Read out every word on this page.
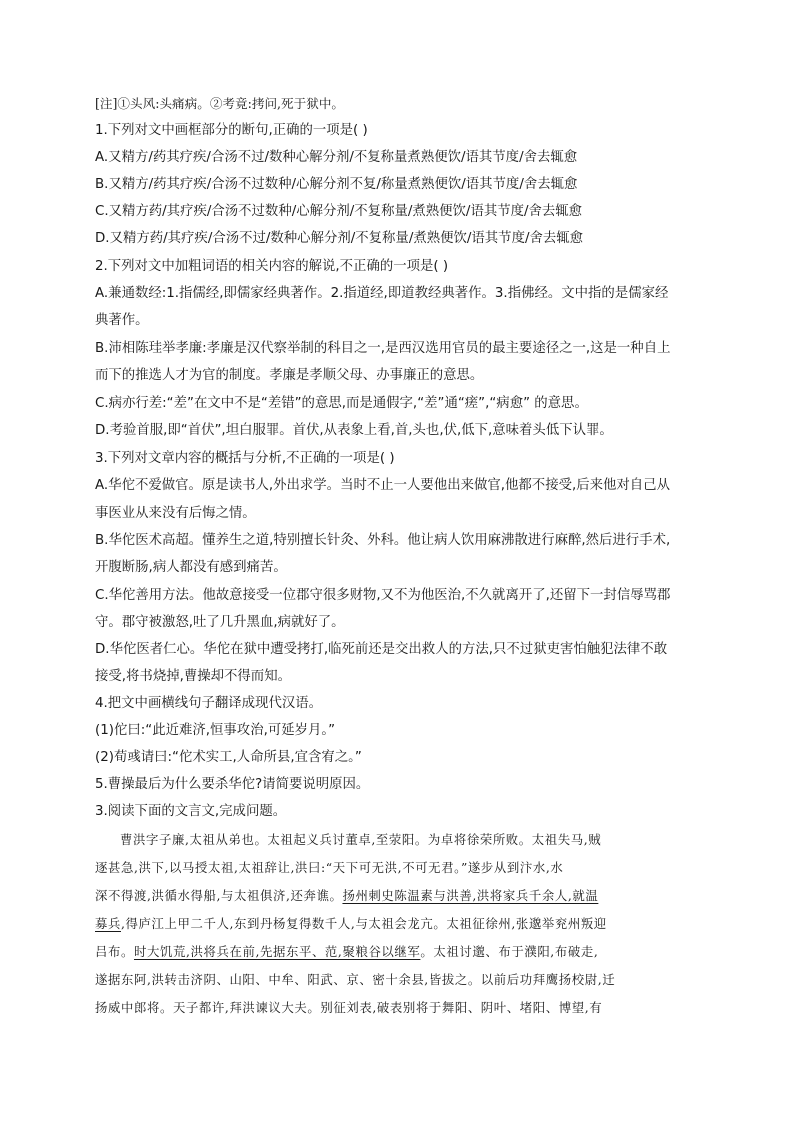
[注]①头风:头痛病。②考竟:拷问,死于狱中。
1.下列对文中画框部分的断句,正确的一项是( )
A.又精方/药其疗疾/合汤不过/数种心解分剂/不复称量煮熟便饮/语其节度/舍去辄愈
B.又精方/药其疗疾/合汤不过数种/心解分剂不复/称量煮熟便饮/语其节度/舍去辄愈
C.又精方药/其疗疾/合汤不过数种/心解分剂/不复称量/煮熟便饮/语其节度/舍去辄愈
D.又精方药/其疗疾/合汤不过/数种心解分剂/不复称量/煮熟便饮/语其节度/舍去辄愈
2.下列对文中加粗词语的相关内容的解说,不正确的一项是( )
A.兼通数经:1.指儒经,即儒家经典著作。2.指道经,即道教经典著作。3.指佛经。文中指的是儒家经
典著作。
B.沛相陈珪举孝廉:孝廉是汉代察举制的科目之一,是西汉选用官员的最主要途径之一,这是一种自上
而下的推选人才为官的制度。孝廉是孝顺父母、办事廉正的意思。
C.病亦行差:“差”在文中不是“差错”的意思,而是通假字,“差”通“瘥”,“病愈” 的意思。
D.考验首服,即“首伏”,坦白服罪。首伏,从表象上看,首,头也,伏,低下,意味着头低下认罪。
3.下列对文章内容的概括与分析,不正确的一项是( )
A.华佗不爱做官。原是读书人,外出求学。当时不止一人要他出来做官,他都不接受,后来他对自己从
事医业从来没有后悔之情。
B.华佗医术高超。懂养生之道,特别擅长针灸、外科。他让病人饮用麻沸散进行麻醉,然后进行手术,
开腹断肠,病人都没有感到痛苦。
C.华佗善用方法。他故意接受一位郡守很多财物,又不为他医治,不久就离开了,还留下一封信辱骂郡
守。郡守被激怒,吐了几升黑血,病就好了。
D.华佗医者仁心。华佗在狱中遭受拷打,临死前还是交出救人的方法,只不过狱吏害怕触犯法律不敢
接受,将书烧掉,曹操却不得而知。
4.把文中画横线句子翻译成现代汉语。
(1)佗曰:“此近难济,恒事攻治,可延岁月。”
(2)荀彧请曰:“佗术实工,人命所县,宜含宥之。”
5.曹操最后为什么要杀华佗?请简要说明原因。
3.阅读下面的文言文,完成问题。
曹洪字子廉,太祖从弟也。太祖起义兵讨董卓,至荥阳。为卓将徐荣所败。太祖失马,贼
逐甚急,洪下,以马授太祖,太祖辞让,洪曰:“天下可无洪,不可无君。”遂步从到汴水,水
深不得渡,洪循水得船,与太祖俱济,还奔谯。扬州刺史陈温素与洪善,洪将家兵千余人,就温
募兵,得庐江上甲二千人,东到丹杨复得数千人,与太祖会龙亢。太祖征徐州,张邈举兖州叛迎
吕布。时大饥荒,洪将兵在前,先据东平、范,聚粮谷以继军。太祖讨邈、布于濮阳,布破走,
遂据东阿,洪转击济阴、山阳、中牟、阳武、京、密十余县,皆拔之。以前后功拜鹰扬校尉,迁
扬威中郎将。天子都许,拜洪谏议大夫。别征刘表,破表别将于舞阳、阴叶、堵阳、博望,有
